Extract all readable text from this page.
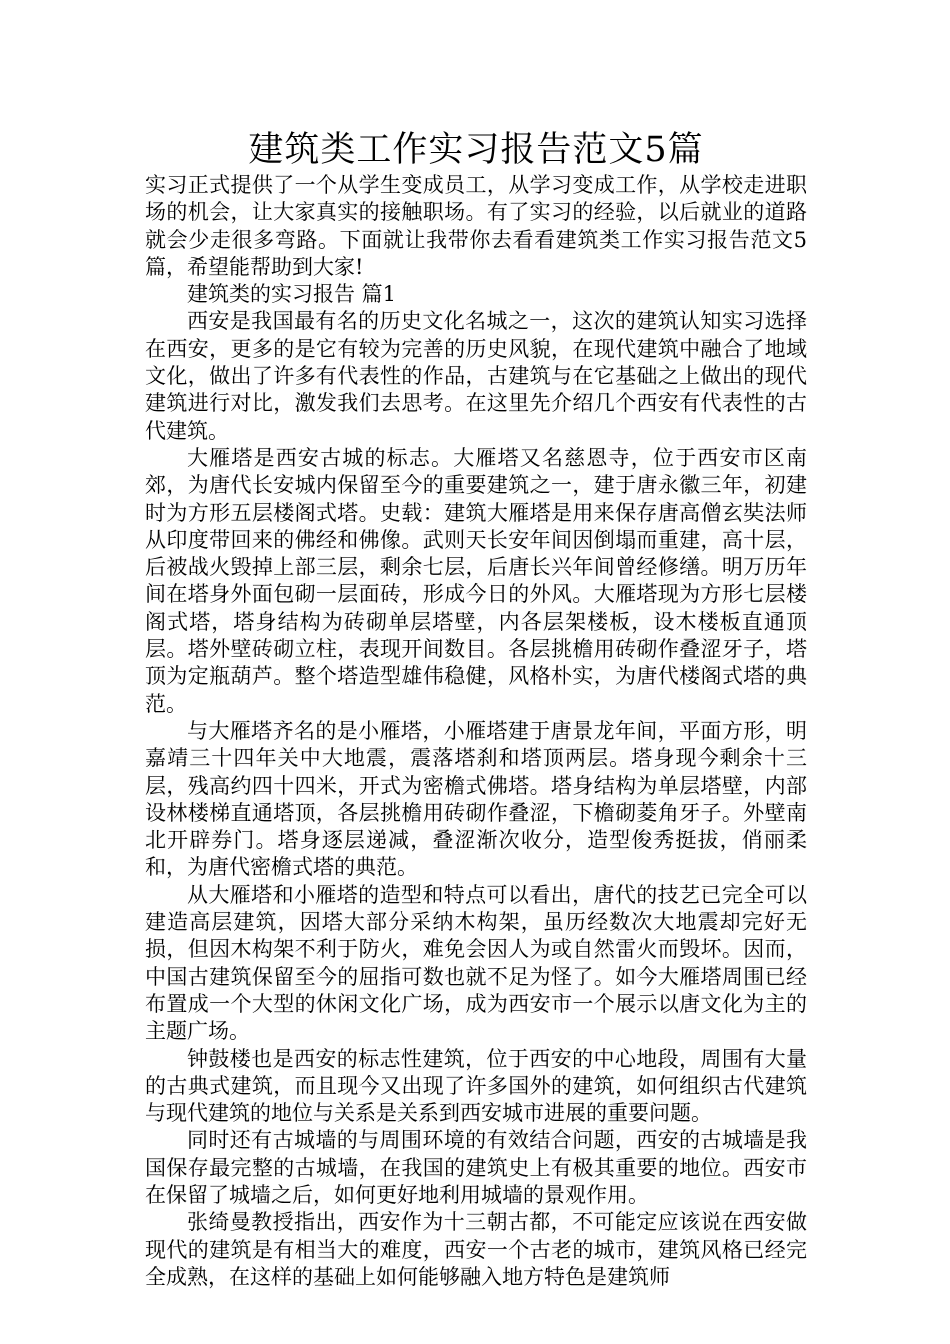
建筑类工作实习报告范文5篇

实习正式提供了一个从学生变成员工，从学习变成工作，从学校走进职场的机会，让大家真实的接触职场。有了实习的经验，以后就业的道路就会少走很多弯路。下面就让我带你去看看建筑类工作实习报告范文5篇，希望能帮助到大家!

建筑类的实习报告 篇1

西安是我国最有名的历史文化名城之一，这次的建筑认知实习选择在西安，更多的是它有较为完善的历史风貌，在现代建筑中融合了地域文化，做出了许多有代表性的作品，古建筑与在它基础之上做出的现代建筑进行对比，激发我们去思考。在这里先介绍几个西安有代表性的古代建筑。

大雁塔是西安古城的标志。大雁塔又名慈恩寺，位于西安市区南郊，为唐代长安城内保留至今的重要建筑之一，建于唐永徽三年，初建时为方形五层楼阁式塔。史载：建筑大雁塔是用来保存唐高僧玄奘法师从印度带回来的佛经和佛像。武则天长安年间因倒塌而重建，高十层，后被战火毁掉上部三层，剩余七层，后唐长兴年间曾经修缮。明万历年间在塔身外面包砌一层面砖，形成今日的外风。大雁塔现为方形七层楼阁式塔，塔身结构为砖砌单层塔壁，内各层架楼板，设木楼板直通顶层。塔外壁砖砌立柱，表现开间数目。各层挑檐用砖砌作叠涩牙子，塔顶为定瓶葫芦。整个塔造型雄伟稳健，风格朴实，为唐代楼阁式塔的典范。

与大雁塔齐名的是小雁塔，小雁塔建于唐景龙年间，平面方形，明嘉靖三十四年关中大地震，震落塔刹和塔顶两层。塔身现今剩余十三层，残高约四十四米，开式为密檐式佛塔。塔身结构为单层塔壁，内部设林楼梯直通塔顶，各层挑檐用砖砌作叠涩，下檐砌菱角牙子。外壁南北开辟券门。塔身逐层递减，叠涩渐次收分，造型俊秀挺拔，俏丽柔和，为唐代密檐式塔的典范。

从大雁塔和小雁塔的造型和特点可以看出，唐代的技艺已完全可以建造高层建筑，因塔大部分采纳木构架，虽历经数次大地震却完好无损，但因木构架不利于防火，难免会因人为或自然雷火而毁坏。因而，中国古建筑保留至今的屈指可数也就不足为怪了。如今大雁塔周围已经布置成一个大型的休闲文化广场，成为西安市一个展示以唐文化为主的主题广场。

钟鼓楼也是西安的标志性建筑，位于西安的中心地段，周围有大量的古典式建筑，而且现今又出现了许多国外的建筑，如何组织古代建筑与现代建筑的地位与关系是关系到西安城市进展的重要问题。

同时还有古城墙的与周围环境的有效结合问题，西安的古城墙是我国保存最完整的古城墙，在我国的建筑史上有极其重要的地位。西安市在保留了城墙之后，如何更好地利用城墙的景观作用。

张绮曼教授指出，西安作为十三朝古都，不可能定应该说在西安做现代的建筑是有相当大的难度，西安一个古老的城市，建筑风格已经完全成熟，在这样的基础上如何能够融入地方特色是建筑师
